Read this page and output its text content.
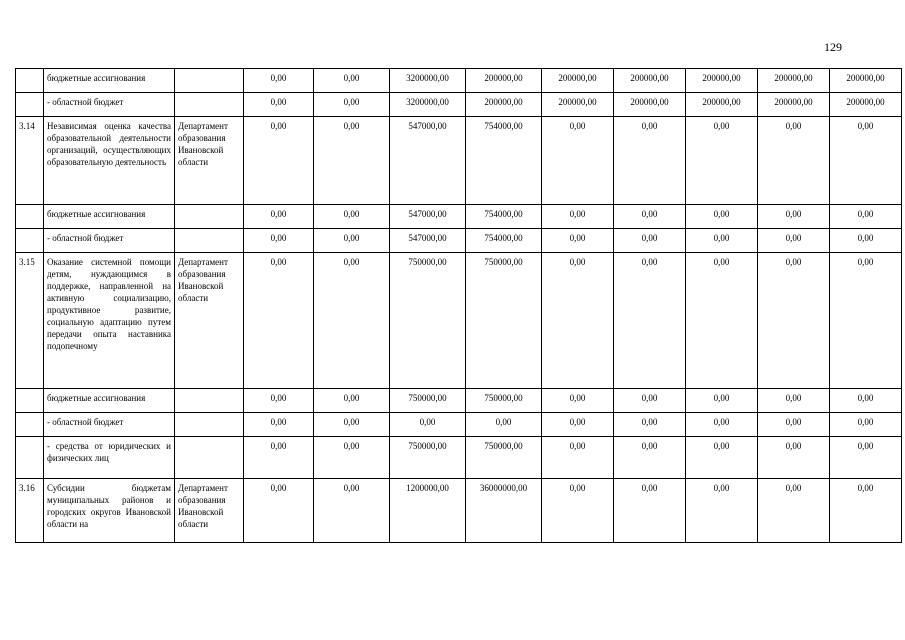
129
	бюджетные ассигнования		0,00	0,00	3200000,00	200000,00	200000,00	200000,00	200000,00	200000,00	200000,00
	- областной бюджет		0,00	0,00	3200000,00	200000,00	200000,00	200000,00	200000,00	200000,00	200000,00
3.14	Независимая оценка качества образовательной деятельности организаций, осуществляющих образовательную деятельность	Департамент образования Ивановской области	0,00	0,00	547000,00	754000,00	0,00	0,00	0,00	0,00	0,00
	бюджетные ассигнования		0,00	0,00	547000,00	754000,00	0,00	0,00	0,00	0,00	0,00
	- областной бюджет		0,00	0,00	547000,00	754000,00	0,00	0,00	0,00	0,00	0,00
3.15	Оказание системной помощи детям, нуждающимся в поддержке, направленной на активную социализацию, продуктивное развитие, социальную адаптацию путем передачи опыта наставника подопечному	Департамент образования Ивановской области	0,00	0,00	750000,00	750000,00	0,00	0,00	0,00	0,00	0,00
	бюджетные ассигнования		0,00	0,00	750000,00	750000,00	0,00	0,00	0,00	0,00	0,00
	- областной бюджет		0,00	0,00	0,00	0,00	0,00	0,00	0,00	0,00	0,00
	- средства от юридических и физических лиц		0,00	0,00	750000,00	750000,00	0,00	0,00	0,00	0,00	0,00
3.16	Субсидии бюджетам муниципальных районов и городских округов Ивановской области на	Департамент образования Ивановской области	0,00	0,00	1200000,00	36000000,00	0,00	0,00	0,00	0,00	0,00
